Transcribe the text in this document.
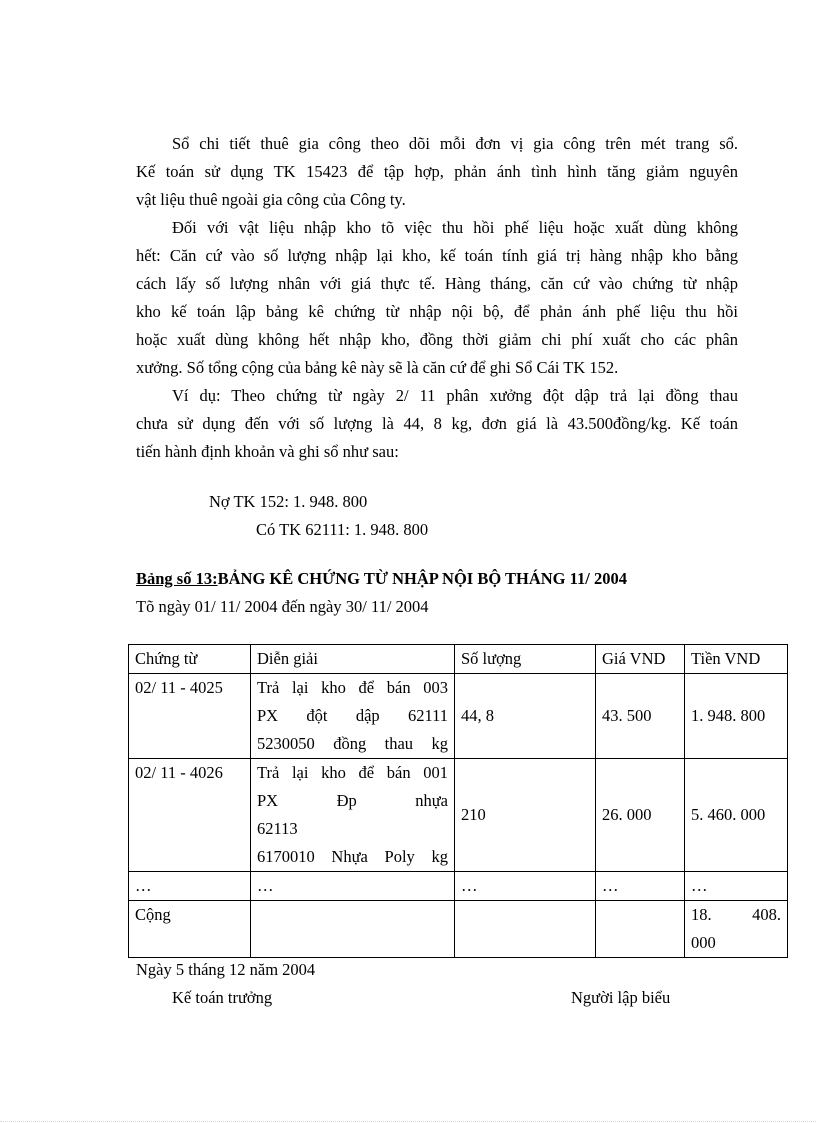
Sổ chi tiết thuê gia công theo dõi mỗi đơn vị gia công trên mét trang sổ.
Kế toán sử dụng TK 15423 để tập hợp, phản ánh tình hình tăng giảm nguyên
vật liệu thuê ngoài gia công của Công ty.

Đối với vật liệu nhập kho tõ việc thu hồi phế liệu hoặc xuất dùng không
hết: Căn cứ vào số lượng nhập lại kho, kế toán tính giá trị hàng nhập kho bằng
cách lấy số lượng nhân với giá thực tế. Hàng tháng, căn cứ vào chứng từ nhập
kho kế toán lập bảng kê chứng từ nhập nội bộ, để phản ánh phế liệu thu hồi
hoặc xuất dùng không hết nhập kho, đồng thời giảm chi phí xuất cho các phân
xưởng. Số tổng cộng của bảng kê này sẽ là căn cứ để ghi Sổ Cái TK 152.

Ví dụ: Theo chứng từ ngày 2/ 11 phân xưởng đột dập trả lại đồng thau
chưa sử dụng đến với số lượng là 44, 8 kg, đơn giá là 43.500đồng/kg. Kế toán
tiến hành định khoản và ghi sổ như sau:

Nợ TK 152: 1. 948. 800
Có TK 62111: 1. 948. 800
Bảng số 13:BẢNG KÊ CHỨNG TỪ NHẬP NỘI BỘ THÁNG 11/ 2004
Tõ ngày 01/ 11/ 2004 đến ngày 30/ 11/ 2004
Chứng từ	Diễn giải	Số lượng	Giá VND	Tiền VND
02/ 11 - 4025	Trả lại kho để bán 003
PX đột dập 62111
5230050 đồng thau kg	44, 8	43. 500	1. 948. 800
02/ 11 - 4026	Trả lại kho để bán 001
PX Đp nhựa
62113
6170010 Nhựa Poly kg	210	26. 000	5. 460. 000
…	…	…	…	…
Cộng				18. 408.
000
Ngày 5 tháng 12 năm 2004
Kế toán trưởng	Người lập biểu
